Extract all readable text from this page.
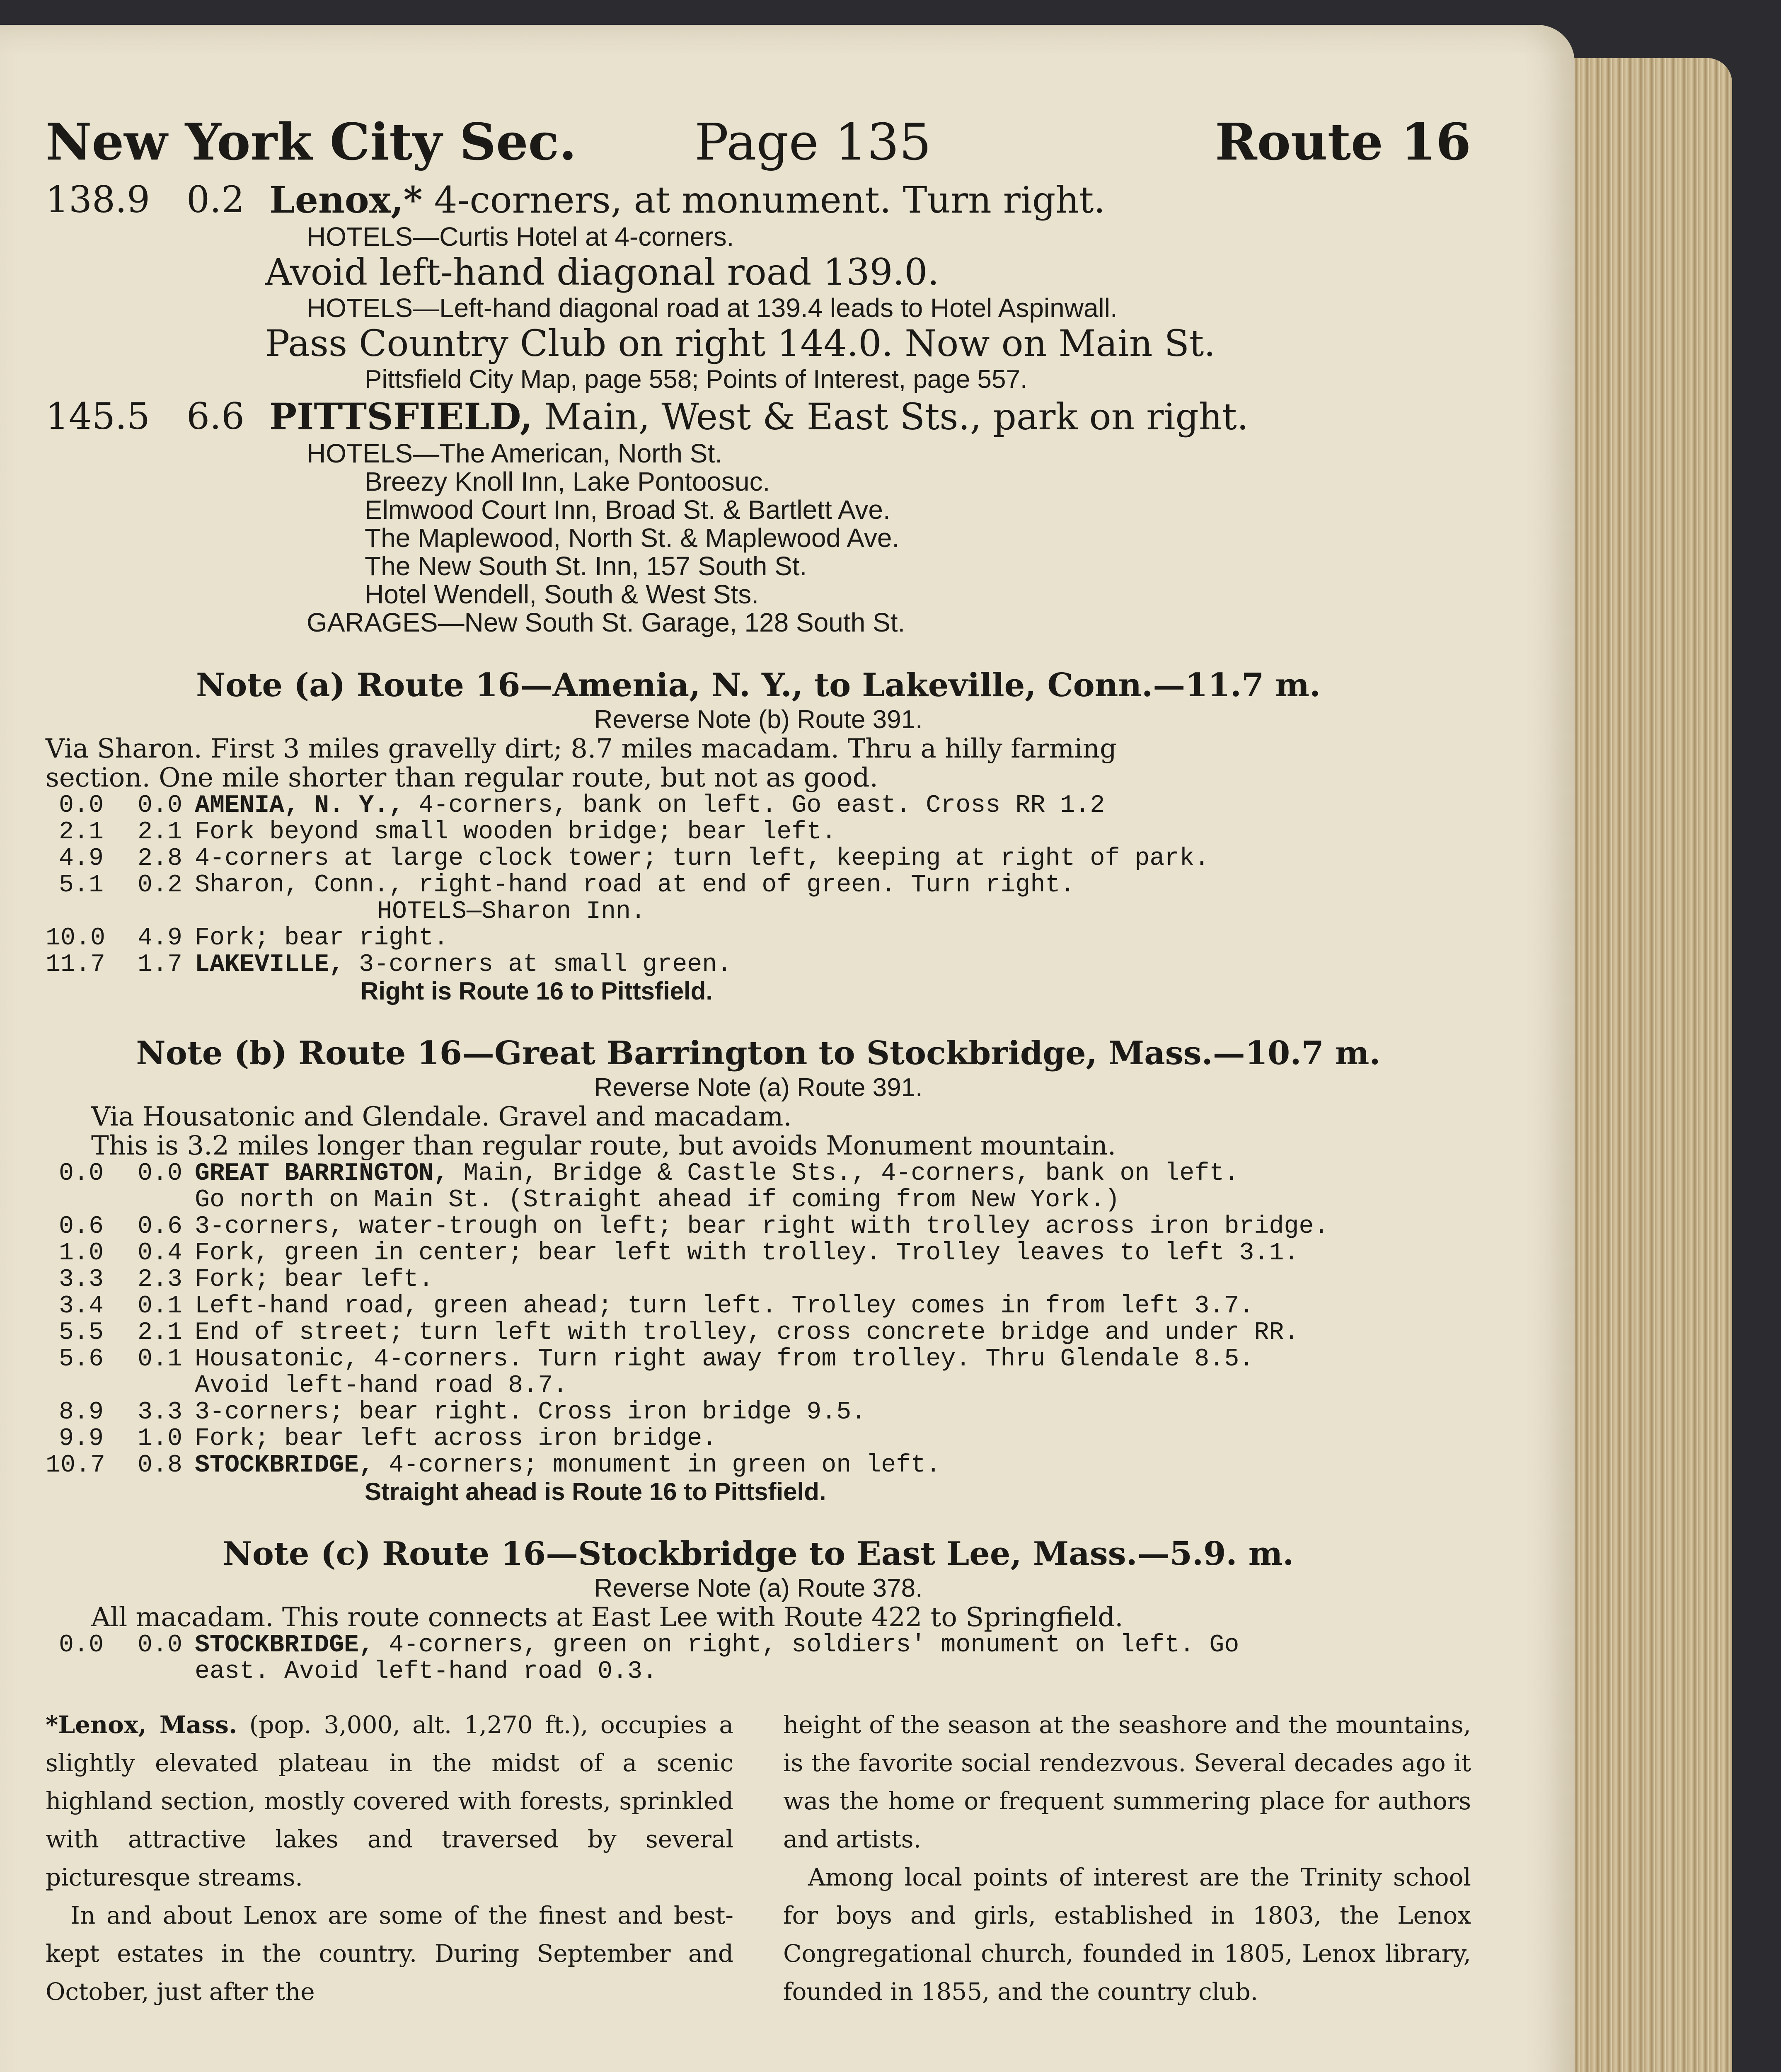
New York City Sec. Page 135	Route 16
138.9	0.2 Lenox,* 4-corners, at monument. Turn right.
HOTELS—Curtis Hotel at 4-corners.
Avoid left-hand diagonal road 139.0.
HOTELS—Left-hand diagonal road at 139.4 leads to Hotel Aspinwall.
Pass Country Club on right 144.0. Now on Main St.
Pittsfield City Map, page 558; Points of Interest, page 557.
145.5	6.6 PITTSFIELD, Main, West & East Sts., park on right.
HOTELS—The American, North St.
Breezy Knoll Inn, Lake Pontoosuc.
Elmwood Court Inn, Broad St. & Bartlett Ave.
The Maplewood, North St. & Maplewood Ave.
The New South St. Inn, 157 South St.
Hotel Wendell, South & West Sts.
GARAGES—New South St. Garage, 128 South St.
Note (a) Route 16—Amenia, N. Y., to Lakeville, Conn.—11.7 m.
Reverse Note (b) Route 391.
Via Sharon. First 3 miles gravelly dirt; 8.7 miles macadam. Thru a hilly farming
section. One mile shorter than regular route, but not as good.
0.0	0.0 AMENIA, N. Y., 4-corners, bank on left. Go east. Cross RR 1.2
2.1	2.1 Fork beyond small wooden bridge; bear left.
4.9	2.8 4-corners at large clock tower; turn left, keeping at right of park.
5.1	0.2 Sharon, Conn., right-hand road at end of green. Turn right.
HOTELS—Sharon Inn.
10.0	4.9 Fork; bear right.
11.7	1.7 LAKEVILLE, 3-corners at small green.
Right is Route 16 to Pittsfield.
Note (b) Route 16—Great Barrington to Stockbridge, Mass.—10.7 m.
Reverse Note (a) Route 391.
Via Housatonic and Glendale. Gravel and macadam.
This is 3.2 miles longer than regular route, but avoids Monument mountain.
0.0	0.0 GREAT BARRINGTON, Main, Bridge & Castle Sts., 4-corners, bank on left.
Go north on Main St. (Straight ahead if coming from New York.)
0.6	0.6 3-corners, water-trough on left; bear right with trolley across iron bridge.
1.0	0.4 Fork, green in center; bear left with trolley. Trolley leaves to left 3.1.
3.3	2.3 Fork; bear left.
3.4	0.1 Left-hand road, green ahead; turn left. Trolley comes in from left 3.7.
5.5	2.1 End of street; turn left with trolley, cross concrete bridge and under RR.
5.6	0.1 Housatonic, 4-corners. Turn right away from trolley. Thru Glendale 8.5.
Avoid left-hand road 8.7.
8.9	3.3 3-corners; bear right. Cross iron bridge 9.5.
9.9	1.0 Fork; bear left across iron bridge.
10.7	0.8 STOCKBRIDGE, 4-corners; monument in green on left.
Straight ahead is Route 16 to Pittsfield.
Note (c) Route 16—Stockbridge to East Lee, Mass.—5.9. m.
Reverse Note (a) Route 378.
All macadam. This route connects at East Lee with Route 422 to Springfield.
0.0	0.0 STOCKBRIDGE, 4-corners, green on right, soldiers' monument on left. Go
east. Avoid left-hand road 0.3.

*Lenox, Mass. (pop. 3,000, alt. 1,270 ft.), occupies a slightly elevated plateau in the midst of a scenic highland section, mostly covered with forests, sprinkled with attractive lakes and traversed by several picturesque streams.

In and about Lenox are some of the finest and best-kept estates in the country. During September and October, just after the

height of the season at the seashore and the mountains, is the favorite social rendezvous. Several decades ago it was the home or frequent summering place for authors and artists.

Among local points of interest are the Trinity school for boys and girls, established in 1803, the Lenox Congregational church, founded in 1805, Lenox library, founded in 1855, and the country club.
